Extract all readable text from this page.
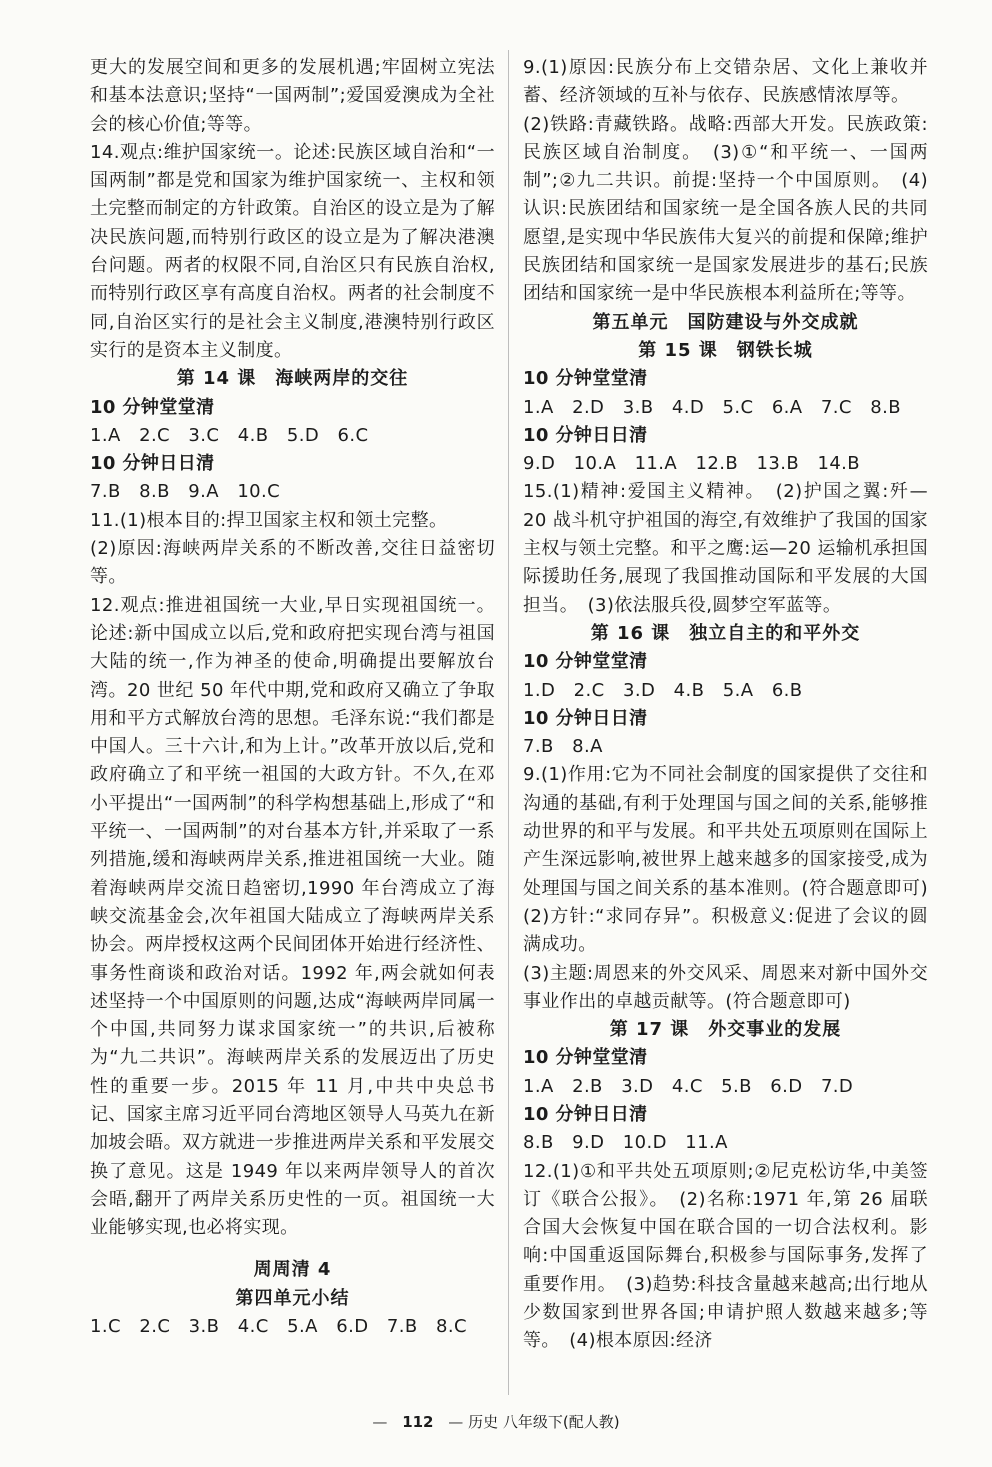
更大的发展空间和更多的发展机遇;牢固树立宪法和基本法意识;坚持“一国两制”;爱国爱澳成为全社会的核心价值;等等。

14.观点:维护国家统一。论述:民族区域自治和“一国两制”都是党和国家为维护国家统一、主权和领土完整而制定的方针政策。自治区的设立是为了解决民族问题,而特别行政区的设立是为了解决港澳台问题。两者的权限不同,自治区只有民族自治权,而特别行政区享有高度自治权。两者的社会制度不同,自治区实行的是社会主义制度,港澳特别行政区实行的是资本主义制度。

第 14 课　海峡两岸的交往

10 分钟堂堂清

1.A　2.C　3.C　4.B　5.D　6.C

10 分钟日日清

7.B　8.B　9.A　10.C

11.(1)根本目的:捍卫国家主权和领土完整。

(2)原因:海峡两岸关系的不断改善,交往日益密切等。

12.观点:推进祖国统一大业,早日实现祖国统一。论述:新中国成立以后,党和政府把实现台湾与祖国大陆的统一,作为神圣的使命,明确提出要解放台湾。20 世纪 50 年代中期,党和政府又确立了争取用和平方式解放台湾的思想。毛泽东说:“我们都是中国人。三十六计,和为上计。”改革开放以后,党和政府确立了和平统一祖国的大政方针。不久,在邓小平提出“一国两制”的科学构想基础上,形成了“和平统一、一国两制”的对台基本方针,并采取了一系列措施,缓和海峡两岸关系,推进祖国统一大业。随着海峡两岸交流日趋密切,1990 年台湾成立了海峡交流基金会,次年祖国大陆成立了海峡两岸关系协会。两岸授权这两个民间团体开始进行经济性、事务性商谈和政治对话。1992 年,两会就如何表述坚持一个中国原则的问题,达成“海峡两岸同属一个中国,共同努力谋求国家统一”的共识,后被称为“九二共识”。海峡两岸关系的发展迈出了历史性的重要一步。2015 年 11 月,中共中央总书记、国家主席习近平同台湾地区领导人马英九在新加坡会晤。双方就进一步推进两岸关系和平发展交换了意见。这是 1949 年以来两岸领导人的首次会晤,翻开了两岸关系历史性的一页。祖国统一大业能够实现,也必将实现。

周周清 4

第四单元小结

1.C　2.C　3.B　4.C　5.A　6.D　7.B　8.C

9.(1)原因:民族分布上交错杂居、文化上兼收并蓄、经济领域的互补与依存、民族感情浓厚等。

(2)铁路:青藏铁路。战略:西部大开发。民族政策:民族区域自治制度。　(3)①“和平统一、一国两制”;②九二共识。前提:坚持一个中国原则。　(4)认识:民族团结和国家统一是全国各族人民的共同愿望,是实现中华民族伟大复兴的前提和保障;维护民族团结和国家统一是国家发展进步的基石;民族团结和国家统一是中华民族根本利益所在;等等。

第五单元　国防建设与外交成就

第 15 课　钢铁长城

10 分钟堂堂清

1.A　2.D　3.B　4.D　5.C　6.A　7.C　8.B

10 分钟日日清

9.D　10.A　11.A　12.B　13.B　14.B

15.(1)精神:爱国主义精神。　(2)护国之翼:歼—20 战斗机守护祖国的海空,有效维护了我国的国家主权与领土完整。和平之鹰:运—20 运输机承担国际援助任务,展现了我国推动国际和平发展的大国担当。　(3)依法服兵役,圆梦空军蓝等。

第 16 课　独立自主的和平外交

10 分钟堂堂清

1.D　2.C　3.D　4.B　5.A　6.B

10 分钟日日清

7.B　8.A

9.(1)作用:它为不同社会制度的国家提供了交往和沟通的基础,有利于处理国与国之间的关系,能够推动世界的和平与发展。和平共处五项原则在国际上产生深远影响,被世界上越来越多的国家接受,成为处理国与国之间关系的基本准则。(符合题意即可)　(2)方针:“求同存异”。积极意义:促进了会议的圆满成功。

(3)主题:周恩来的外交风采、周恩来对新中国外交事业作出的卓越贡献等。(符合题意即可)

第 17 课　外交事业的发展

10 分钟堂堂清

1.A　2.B　3.D　4.C　5.B　6.D　7.D

10 分钟日日清

8.B　9.D　10.D　11.A

12.(1)①和平共处五项原则;②尼克松访华,中美签订《联合公报》。　(2)名称:1971 年,第 26 届联合国大会恢复中国在联合国的一切合法权利。影响:中国重返国际舞台,积极参与国际事务,发挥了重要作用。　(3)趋势:科技含量越来越高;出行地从少数国家到世界各国;申请护照人数越来越多;等等。　(4)根本原因:经济

— 112 — 历史 八年级下(配人教)
